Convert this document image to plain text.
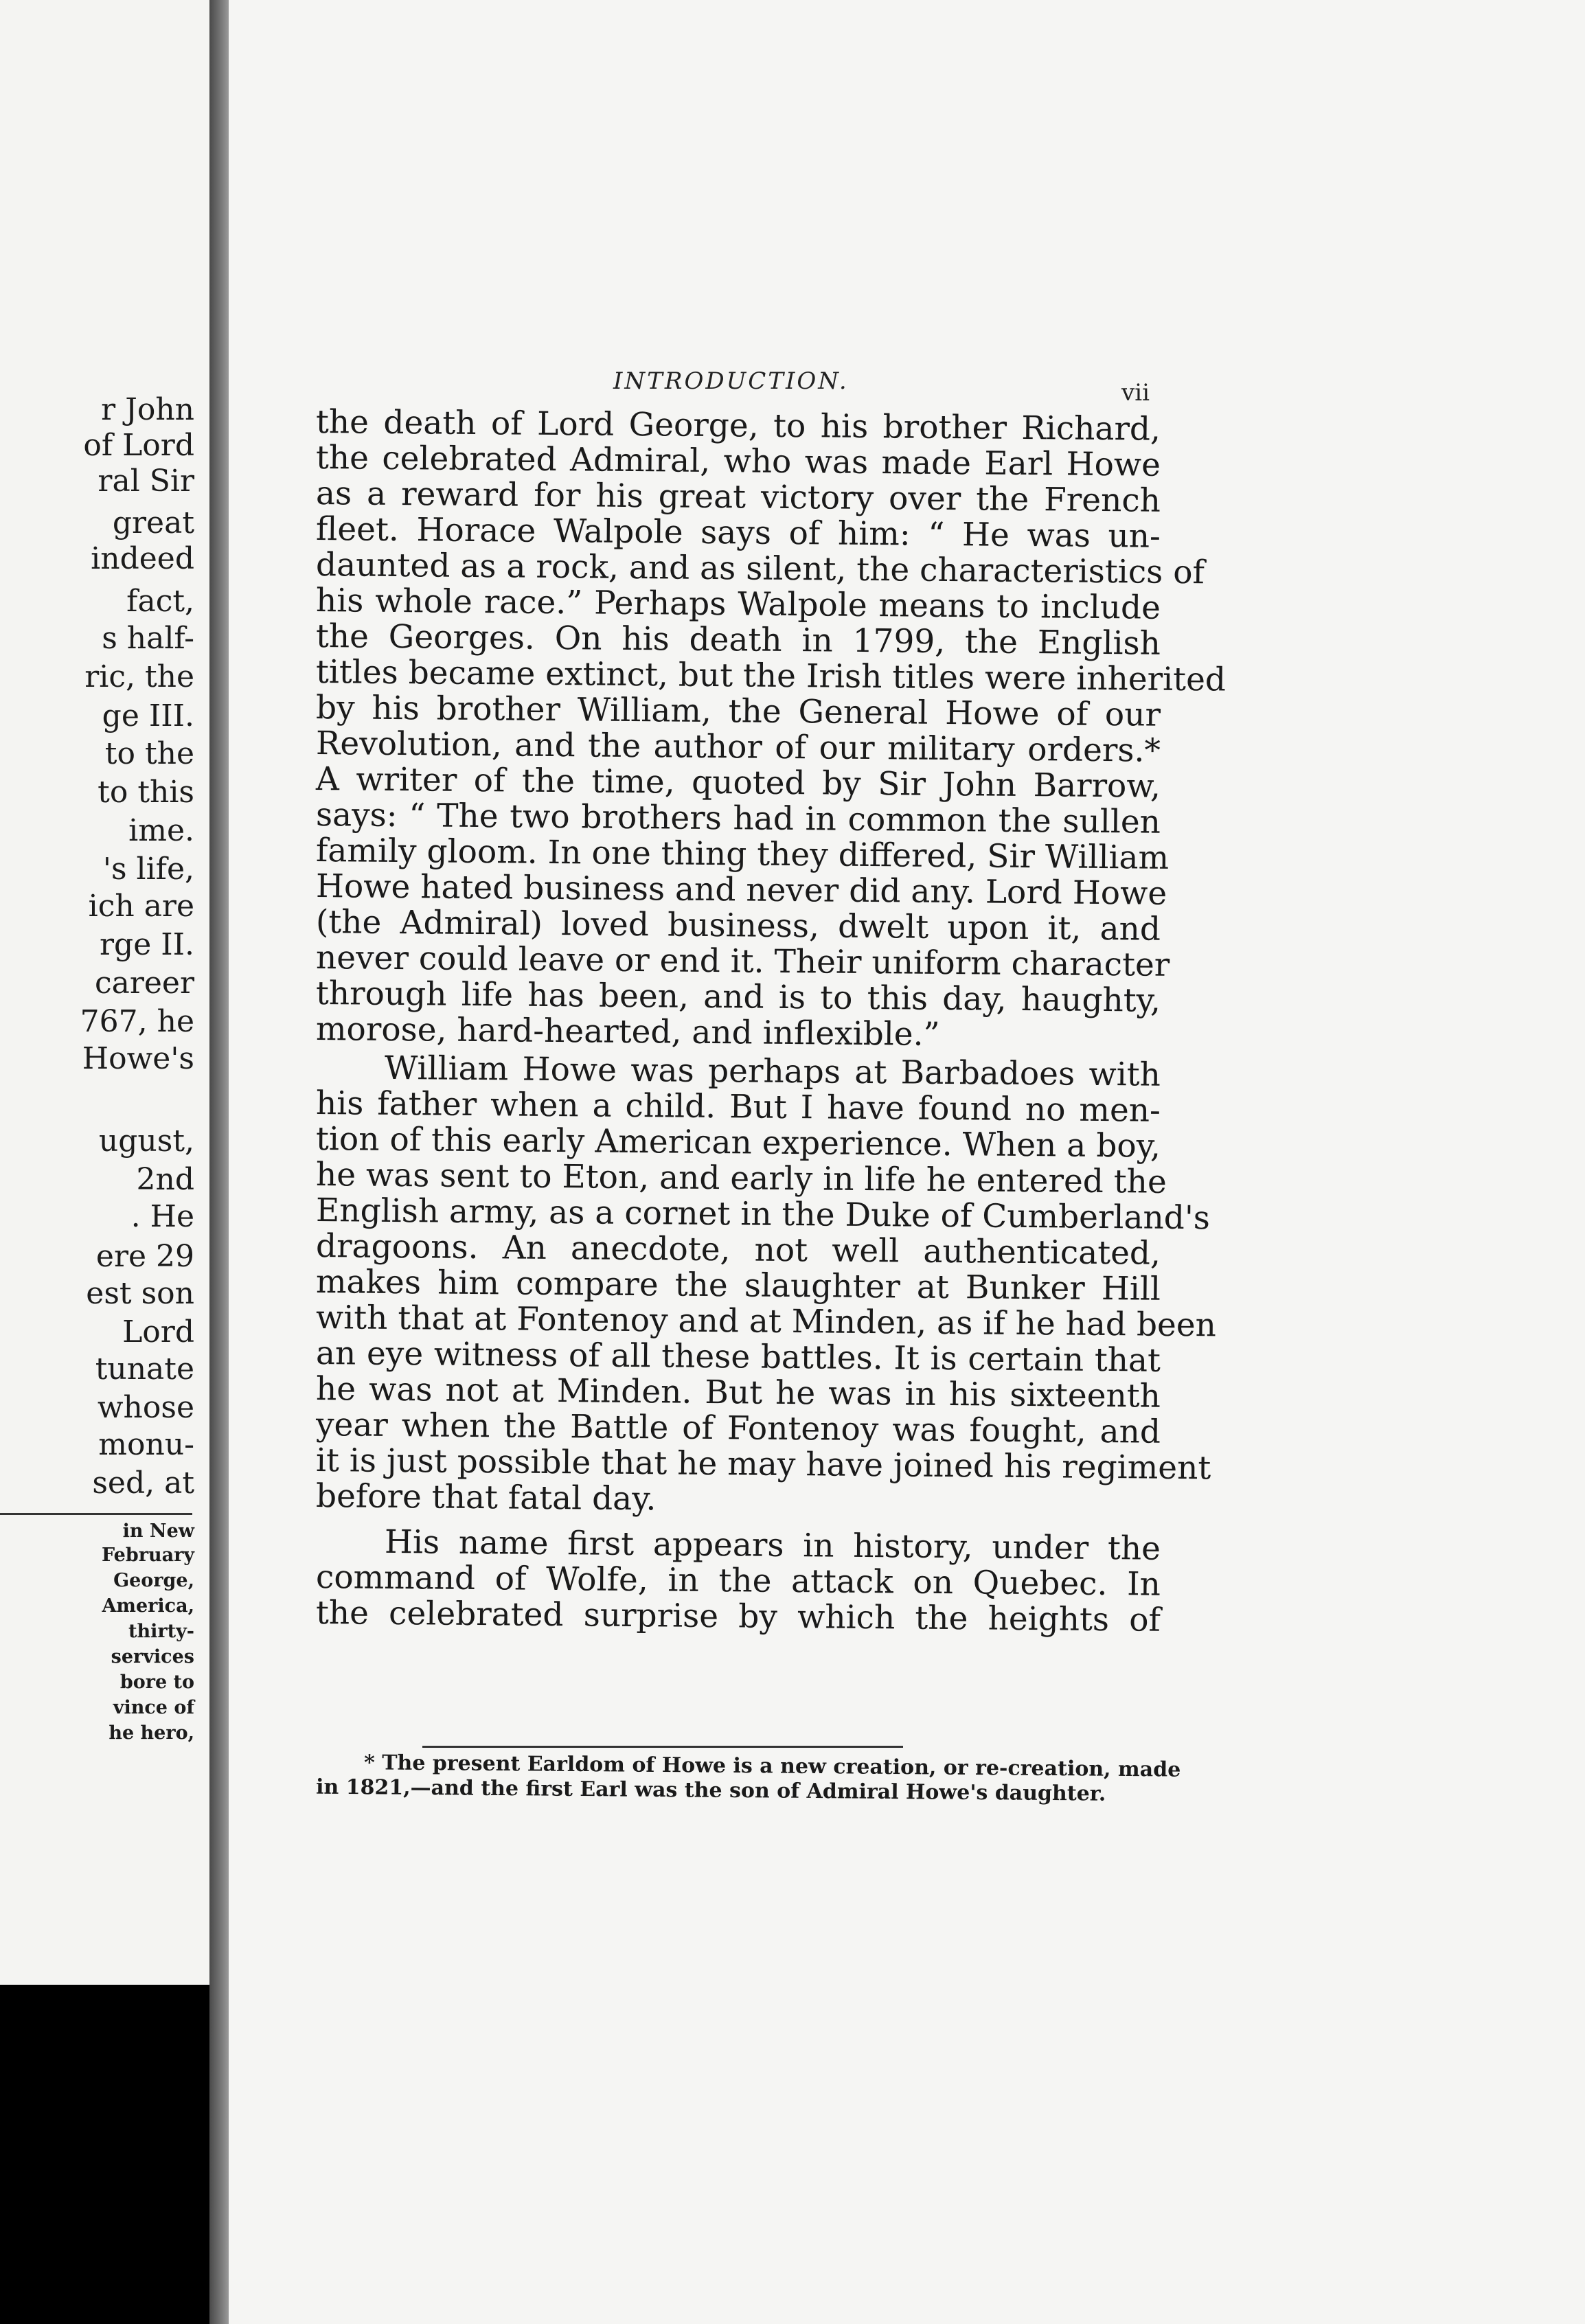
r John
of Lord
ral Sir
great
indeed
fact,
s half-
ric, the
ge III.
to the
to this
ime.
's life,
ich are
rge II.
career
767, he
Howe's
ugust,
2nd
. He
ere 29
est son
Lord
tunate
whose
monu-
sed, at
in New
February
George,
America,
thirty-
services
bore to
vince of
he hero,
INTRODUCTION.	vii
the death of Lord George, to his brother Richard,
the celebrated Admiral, who was made Earl Howe
as a reward for his great victory over the French
fleet. Horace Walpole says of him: “ He was un-
daunted as a rock, and as silent, the characteristics of
his whole race.” Perhaps Walpole means to include
the Georges. On his death in 1799, the English
titles became extinct, but the Irish titles were inherited
by his brother William, the General Howe of our
Revolution, and the author of our military orders.*
A writer of the time, quoted by Sir John Barrow,
says: “ The two brothers had in common the sullen
family gloom. In one thing they differed, Sir William
Howe hated business and never did any. Lord Howe
(the Admiral) loved business, dwelt upon it, and
never could leave or end it. Their uniform character
through life has been, and is to this day, haughty,
morose, hard-hearted, and inflexible.”
William Howe was perhaps at Barbadoes with
his father when a child. But I have found no men-
tion of this early American experience. When a boy,
he was sent to Eton, and early in life he entered the
English army, as a cornet in the Duke of Cumberland's
dragoons. An anecdote, not well authenticated,
makes him compare the slaughter at Bunker Hill
with that at Fontenoy and at Minden, as if he had been
an eye witness of all these battles. It is certain that
he was not at Minden. But he was in his sixteenth
year when the Battle of Fontenoy was fought, and
it is just possible that he may have joined his regiment
before that fatal day.
His name first appears in history, under the
command of Wolfe, in the attack on Quebec. In
the celebrated surprise by which the heights of
* The present Earldom of Howe is a new creation, or re-creation, made
in 1821,—and the first Earl was the son of Admiral Howe's daughter.
